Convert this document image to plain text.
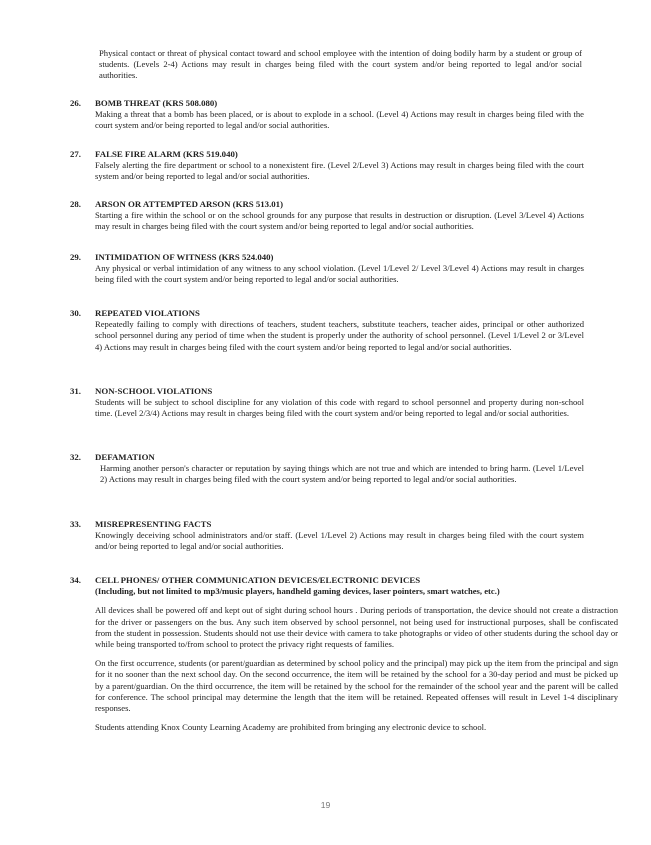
Physical contact or threat of physical contact toward and school employee with the intention of doing bodily harm by a student or group of students. (Levels 2-4) Actions may result in charges being filed with the court system and/or being reported to legal and/or social authorities.

26. BOMB THREAT (KRS 508.080)

Making a threat that a bomb has been placed, or is about to explode in a school. (Level 4) Actions may result in charges being filed with the court system and/or being reported to legal and/or social authorities.

27. FALSE FIRE ALARM (KRS 519.040)

Falsely alerting the fire department or school to a nonexistent fire. (Level 2/Level 3) Actions may result in charges being filed with the court system and/or being reported to legal and/or social authorities.

28. ARSON OR ATTEMPTED ARSON (KRS 513.01)

Starting a fire within the school or on the school grounds for any purpose that results in destruction or disruption. (Level 3/Level 4) Actions may result in charges being filed with the court system and/or being reported to legal and/or social authorities.

29. INTIMIDATION OF WITNESS (KRS 524.040)

Any physical or verbal intimidation of any witness to any school violation. (Level 1/Level 2/ Level 3/Level 4) Actions may result in charges being filed with the court system and/or being reported to legal and/or social authorities.

30. REPEATED VIOLATIONS

Repeatedly failing to comply with directions of teachers, student teachers, substitute teachers, teacher aides, principal or other authorized school personnel during any period of time when the student is properly under the authority of school personnel. (Level 1/Level 2 or 3/Level 4) Actions may result in charges being filed with the court system and/or being reported to legal and/or social authorities.

31. NON-SCHOOL VIOLATIONS

Students will be subject to school discipline for any violation of this code with regard to school personnel and property during non-school time. (Level 2/3/4) Actions may result in charges being filed with the court system and/or being reported to legal and/or social authorities.

32. DEFAMATION

Harming another person's character or reputation by saying things which are not true and which are intended to bring harm. (Level 1/Level 2) Actions may result in charges being filed with the court system and/or being reported to legal and/or social authorities.

33. MISREPRESENTING FACTS

Knowingly deceiving school administrators and/or staff. (Level 1/Level 2) Actions may result in charges being filed with the court system and/or being reported to legal and/or social authorities.

34. CELL PHONES/ OTHER COMMUNICATION DEVICES/ELECTRONIC DEVICES

(Including, but not limited to mp3/music players, handheld gaming devices, laser pointers, smart watches, etc.)

All devices shall be powered off and kept out of sight during school hours . During periods of transportation, the device should not create a distraction for the driver or passengers on the bus. Any such item observed by school personnel, not being used for instructional purposes, shall be confiscated from the student in possession. Students should not use their device with camera to take photographs or video of other students during the school day or while being transported to/from school to protect the privacy right requests of families.

On the first occurrence, students (or parent/guardian as determined by school policy and the principal) may pick up the item from the principal and sign for it no sooner than the next school day. On the second occurrence, the item will be retained by the school for a 30-day period and must be picked up by a parent/guardian. On the third occurrence, the item will be retained by the school for the remainder of the school year and the parent will be called for conference. The school principal may determine the length that the item will be retained. Repeated offenses will result in Level 1-4 disciplinary responses.

Students attending Knox County Learning Academy are prohibited from bringing any electronic device to school.

19
